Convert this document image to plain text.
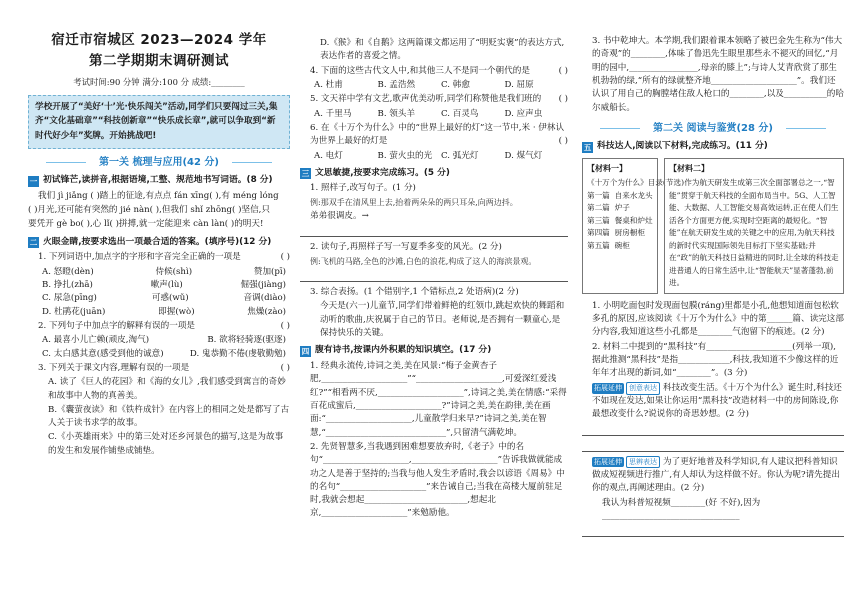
宿迁市宿城区 2023—2024 学年
第二学期期末调研测试
考试时间:90 分钟 满分:100 分 成绩:________
学校开展了“美好‘十’光·快乐闯关”活动,同学们只要闯过三关,集齐“文化基础章”“科技创新章”“快乐成长章”,就可以争取到“新时代好少年”奖牌。开始挑战吧!
第一关 梳理与应用(42 分)
一 初试锋芒,读拼音,根据语境,工整、规范地书写词语。(8 分)

我们 jì jiǎng ( )踏上的征途,有点点 fán xīng( ),有 méng lóng

( )月光,还可能有突然的 jié nàn( ),但我们 shǐ zhōng( )坚信,只

要凭开 gè bo( ),心 lǐ( )拼搏,就一定能迎来 càn làn( )的明天!

二 火眼金睛,按要求选出一项最合适的答案。(填序号)(12 分)

1. 下列词语中,加点字的字形和字音完全正确的一项是	( )

A. 怒瞪(dèn)	侍候(shì)	赞加(pī)
B. 挣扎(zhā)	嗽声(lù)	倔强(jiàng)
C. 尿急(pīng)	可惑(wǔ)	音调(diào)
D. 杜鹃花(juān)	即握(wò)	焦燥(zào)

2. 下列句子中加点字的解释有误的一项是	( )

A. 最喜小儿亡赖(顽皮,淘气)	B. 欲将轻骑逐(驱逐)
C. 太白感其意(感受到他的诚意)	D. 鬼恭勤不倦(虔敬勤勉)

3. 下列关于课文内容,理解有误的一项是	( )

A. 读了《巨人的花园》和《海的女儿》,我们感受到寓言的奇妙和故事中人物的真善美。

B.《囊萤夜读》和《铁杵成针》在内容上的相同之处是都写了古人关于读书求学的故事。

C.《小英雄雨来》中的第三处对还乡河景色的描写,这是为故事的发生和发展作铺垫成铺垫。

D.《猴》和《自鹅》这两篇课文都运用了“明贬实褒”的表达方式,表达作者的喜爱之情。

4. 下面的这些古代文人中,和其他三人不是同一个朝代的是	( )

A. 杜甫	B. 孟浩然	C. 韩愈	D. 屈原

5. 文天祥中学有文艺,歌声优美动听,同学们称赞他是我们班的 ( )

A. 千里马	B. 领头羊	C. 百灵鸟	D. 应声虫

6. 在《十万个为什么》中的“世界上最好的灯”这一节中,米 · 伊林认为世界上最好的灯是	( )

A. 电灯	B. 萤火虫的光	C. 弧光灯	D. 煤气灯
三 文思敏捷,按要求完成练习。(5 分)

1. 照样子,改写句子。(1 分)

例:那双手在清风里上去,抬着两朵朵的两只耳朵,向两边抖。

弟弟很调皮。→

2. 读句子,再照样子写一写夏季多变的风光。(2 分)

例:飞机的马路,全色的沙滩,白色的浪花,构成了这人的海滨景观。

3. 综合表扬。(1 个错别字,1 个错标点,2 处语病)(2 分)

今天是(六一)儿童节,同学们带着鲜艳的红领巾,跳起欢快的舞蹈和动听的歌曲,庆祝属于自己的节日。老师说,是否拥有一颗童心,是保持快乐的关键。

四 腹有诗书,按课内外积累的知识填空。(17 分)

1. 经典永流传,诗词之美,美在风景:“梅子金黄杏子肥,____________________”“____________________,可爱深红爱浅红?”“相看两不厌,____________________”,诗词之美,美在情感:“采得百花成蜜后,____________________?”诗词之美,美在韵律,美在画面:“____________________,儿童散学归来早?”诗词之美,美在智慧,“____________________________”,只留清气满乾坤。

2. 先贤智慧多,当我遇到困难想要放弃时,《老子》中的名句“____________________,____________________”告诉我做就能成功之人是善于坚持的;当我与他人发生矛盾时,我会以谚语《周易》中的名句“____________________”来告诫自己;当我在高楼大厦前驻足时,我就会想起________________________,想起北京,____________________”来勉励他。

3. 书中乾坤大。本学期,我们跟着课本领略了被巴金先生称为“伟大的奇观”的________,体味了鲁迅先生眼里那些永不褪灭的回忆,“月明的园中,________________,母亲的膝上”;与诗人艾青欣赏了那生机勃勃的绿,“所有的绿就整齐地____________________”。我们还认识了用自己的胸膛堵住敌人枪口的________,以及__________的哈尔威船长。

第二关 阅读与鉴赏(28 分)
五 科技达人,阅读以下材料,完成练习。(11 分)
【材料一】
《十万个为什么》目录(节选)
第一篇  自来水龙头
第二篇  炉子
第三篇  餐桌和炉灶
第四篇  厨房橱柜
第五篇  碗柜
【材料二】
作为航天研发生成第三次全面部署总之一,“智能”贯穿于航天科技的全面布局当中。5G、人工智能、大数据、人工智能交易高效运转,正在使人们生活各个方面更方便,实现时空距离的最短化。“智能”在航天研发生成的关键之中的应用,为航天科技的新时代实现国际领先目标打下坚实基础;并在“政”的航天科技日益精进的同时,让全球的科技走进普通人的日常生活中,让“智能航天”显著蓬勃,前进。

1. 小明吃面包时发现面包膜(ráng)里都是小孔,他想知道面包松软多孔的原因,应该阅读《十万个为什么》中的第______篇、读完这部分内容,我知道这些小孔都是________气泡留下的痕迹。(2 分)

2. 材料二中提到的“黑科技”有____________________(列举一项),据此推测“黑科技”是指____________,科技,我知道不少像这样的近年年才出现的新词,如“________”。(3 分)

拓展延伸 创意表达 科技改变生活。《十万个为什么》诞生时,科技还不如现在发达,如果让你运用“黑科技”改造材料一中的房间陈设,你最想改变什么?说说你的奇思妙想。(2 分)

拓展延伸 思辨表达 为了更好地普及科学知识,有人建议把科普知识做成短视频进行推广,有人却认为这样做不好。你认为呢?请先提出你的观点,再阐述理由。(2 分)

我认为科普短视频________(好 不好),因为________________________________
